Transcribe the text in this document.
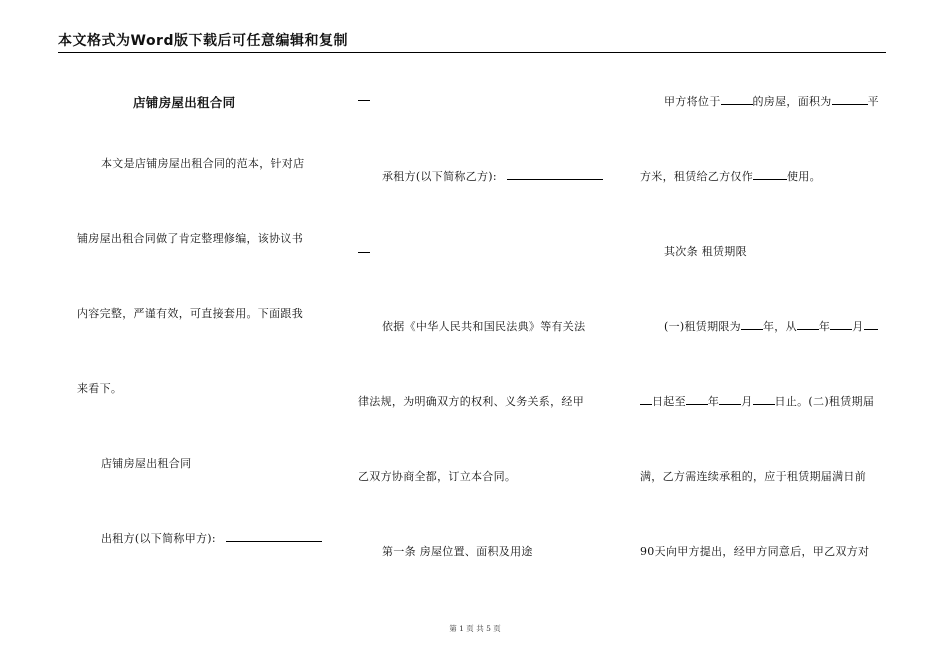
本文格式为Word版下载后可任意编辑和复制
店铺房屋出租合同
本文是店铺房屋出租合同的范本，针对店
铺房屋出租合同做了肯定整理修编，该协议书
内容完整，严谨有效，可直接套用。下面跟我
来看下。
店铺房屋出租合同
出租方(以下简称甲方):
承租方(以下简称乙方):
依据《中华人民共和国民法典》等有关法
律法规，为明确双方的权利、义务关系，经甲
乙双方协商全都，订立本合同。
第一条 房屋位置、面积及用途
甲方将位于	的房屋，面积为	平
方米，租赁给乙方仅作	使用。
其次条 租赁期限
(一)租赁期限为 年，从 年 月
日起至 年 月 日止。(二)租赁期届
满，乙方需连续承租的，应于租赁期届满日前
90天向甲方提出，经甲方同意后，甲乙双方对
第 1 页 共 5 页
